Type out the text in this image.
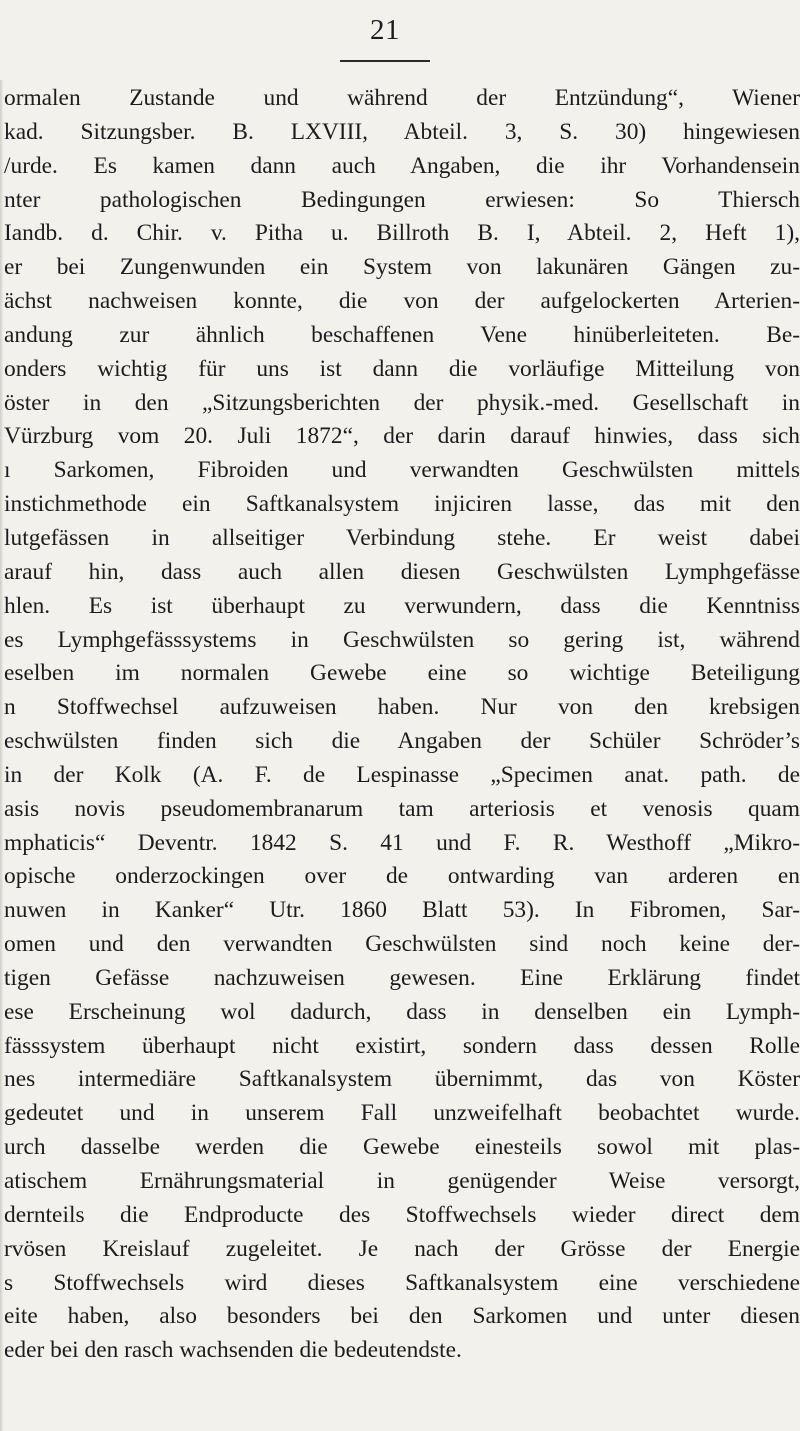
21
ormalen Zustande und während der Entzündung“, Wiener
kad. Sitzungsber. B. LXVIII, Abteil. 3, S. 30) hingewiesen
/urde. Es kamen dann auch Angaben, die ihr Vorhandensein
nter pathologischen Bedingungen erwiesen: So Thiersch
Iandb. d. Chir. v. Pitha u. Billroth B. I, Abteil. 2, Heft 1),
er bei Zungenwunden ein System von lakunären Gängen zu-
ächst nachweisen konnte, die von der aufgelockerten Arterien-
andung zur ähnlich beschaffenen Vene hinüberleiteten. Be-
onders wichtig für uns ist dann die vorläufige Mitteilung von
öster in den „Sitzungsberichten der physik.-med. Gesellschaft in
Vürzburg vom 20. Juli 1872“, der darin darauf hinwies, dass sich
ı Sarkomen, Fibroiden und verwandten Geschwülsten mittels
instichmethode ein Saftkanalsystem injiciren lasse, das mit den
lutgefässen in allseitiger Verbindung stehe. Er weist dabei
arauf hin, dass auch allen diesen Geschwülsten Lymphgefässe
hlen. Es ist überhaupt zu verwundern, dass die Kenntniss
es Lymphgefässsystems in Geschwülsten so gering ist, während
eselben im normalen Gewebe eine so wichtige Beteiligung
n Stoffwechsel aufzuweisen haben. Nur von den krebsigen
eschwülsten finden sich die Angaben der Schüler Schröder’s
in der Kolk (A. F. de Lespinasse „Specimen anat. path. de
asis novis pseudomembranarum tam arteriosis et venosis quam
mphaticis“ Deventr. 1842 S. 41 und F. R. Westhoff „Mikro-
opische onderzockingen over de ontwarding van arderen en
nuwen in Kanker“ Utr. 1860 Blatt 53). In Fibromen, Sar-
omen und den verwandten Geschwülsten sind noch keine der-
tigen Gefässe nachzuweisen gewesen. Eine Erklärung findet
ese Erscheinung wol dadurch, dass in denselben ein Lymph-
fässsystem überhaupt nicht existirt, sondern dass dessen Rolle
nes intermediäre Saftkanalsystem übernimmt, das von Köster
gedeutet und in unserem Fall unzweifelhaft beobachtet wurde.
urch dasselbe werden die Gewebe einesteils sowol mit plas-
atischem Ernährungsmaterial in genügender Weise versorgt,
dernteils die Endproducte des Stoffwechsels wieder direct dem
rvösen Kreislauf zugeleitet. Je nach der Grösse der Energie
s Stoffwechsels wird dieses Saftkanalsystem eine verschiedene
eite haben, also besonders bei den Sarkomen und unter diesen
eder bei den rasch wachsenden die bedeutendste.
